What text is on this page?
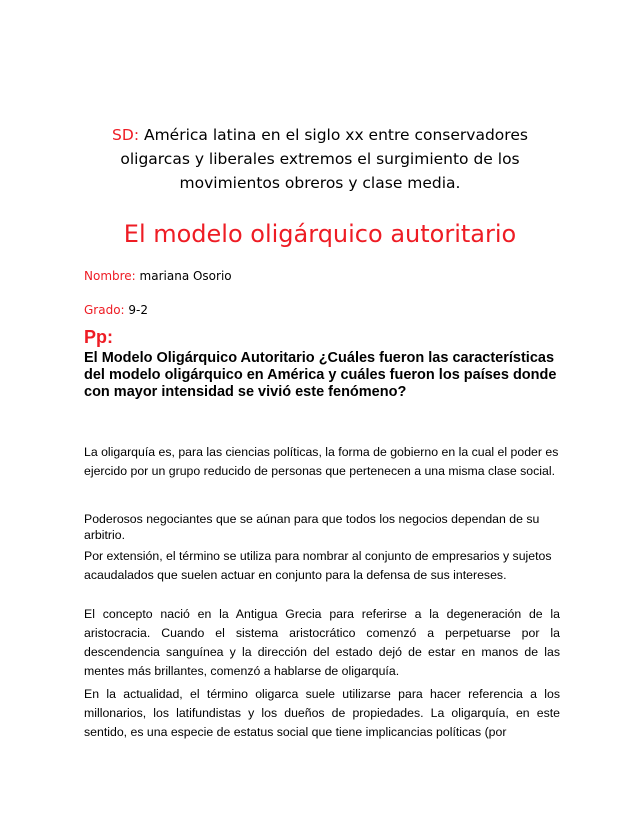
SD: América latina en el siglo xx entre conservadores
oligarcas y liberales extremos el surgimiento de los
movimientos obreros y clase media.
El modelo oligárquico autoritario
Nombre: mariana Osorio
Grado: 9-2
Pp:
El Modelo Oligárquico Autoritario ¿Cuáles fueron las características del modelo oligárquico en América y cuáles fueron los países donde con mayor intensidad se vivió este fenómeno?

La oligarquía es, para las ciencias políticas, la forma de gobierno en la cual el poder es ejercido por un grupo reducido de personas que pertenecen a una misma clase social.

Poderosos negociantes que se aúnan para que todos los negocios dependan de su arbitrio.

Por extensión, el término se utiliza para nombrar al conjunto de empresarios y sujetos acaudalados que suelen actuar en conjunto para la defensa de sus intereses.

El concepto nació en la Antigua Grecia para referirse a la degeneración de la aristocracia. Cuando el sistema aristocrático comenzó a perpetuarse por la descendencia sanguínea y la dirección del estado dejó de estar en manos de las mentes más brillantes, comenzó a hablarse de oligarquía.

En la actualidad, el término oligarca suele utilizarse para hacer referencia a los millonarios, los latifundistas y los dueños de propiedades. La oligarquía, en este sentido, es una especie de estatus social que tiene implicancias políticas (por
